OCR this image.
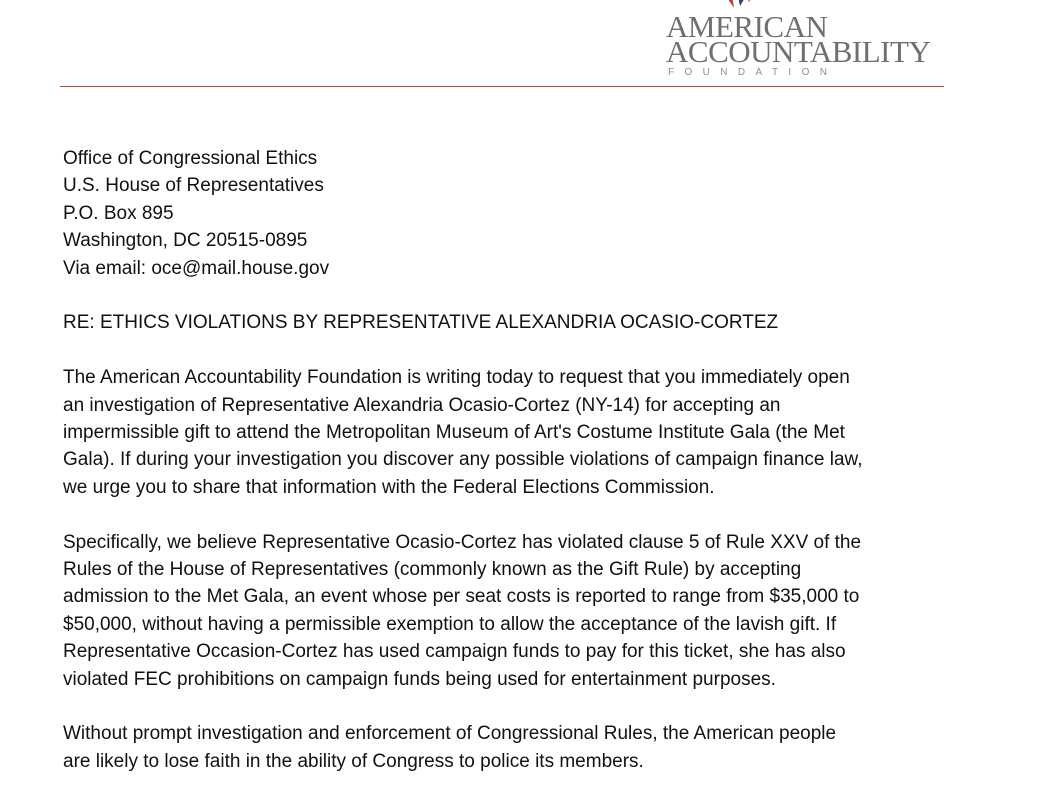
AMERICAN
ACCOUNTABILITY
FOUNDATION
Office of Congressional Ethics
U.S. House of Representatives
P.O. Box 895
Washington, DC 20515-0895
Via email: oce@mail.house.gov
RE: ETHICS VIOLATIONS BY REPRESENTATIVE ALEXANDRIA OCASIO-CORTEZ
The American Accountability Foundation is writing today to request that you immediately open
an investigation of Representative Alexandria Ocasio-Cortez (NY-14) for accepting an
impermissible gift to attend the Metropolitan Museum of Art's Costume Institute Gala (the Met
Gala). If during your investigation you discover any possible violations of campaign finance law,
we urge you to share that information with the Federal Elections Commission.
Specifically, we believe Representative Ocasio-Cortez has violated clause 5 of Rule XXV of the
Rules of the House of Representatives (commonly known as the Gift Rule) by accepting
admission to the Met Gala, an event whose per seat costs is reported to range from $35,000 to
$50,000, without having a permissible exemption to allow the acceptance of the lavish gift. If
Representative Occasion-Cortez has used campaign funds to pay for this ticket, she has also
violated FEC prohibitions on campaign funds being used for entertainment purposes.
Without prompt investigation and enforcement of Congressional Rules, the American people
are likely to lose faith in the ability of Congress to police its members.
